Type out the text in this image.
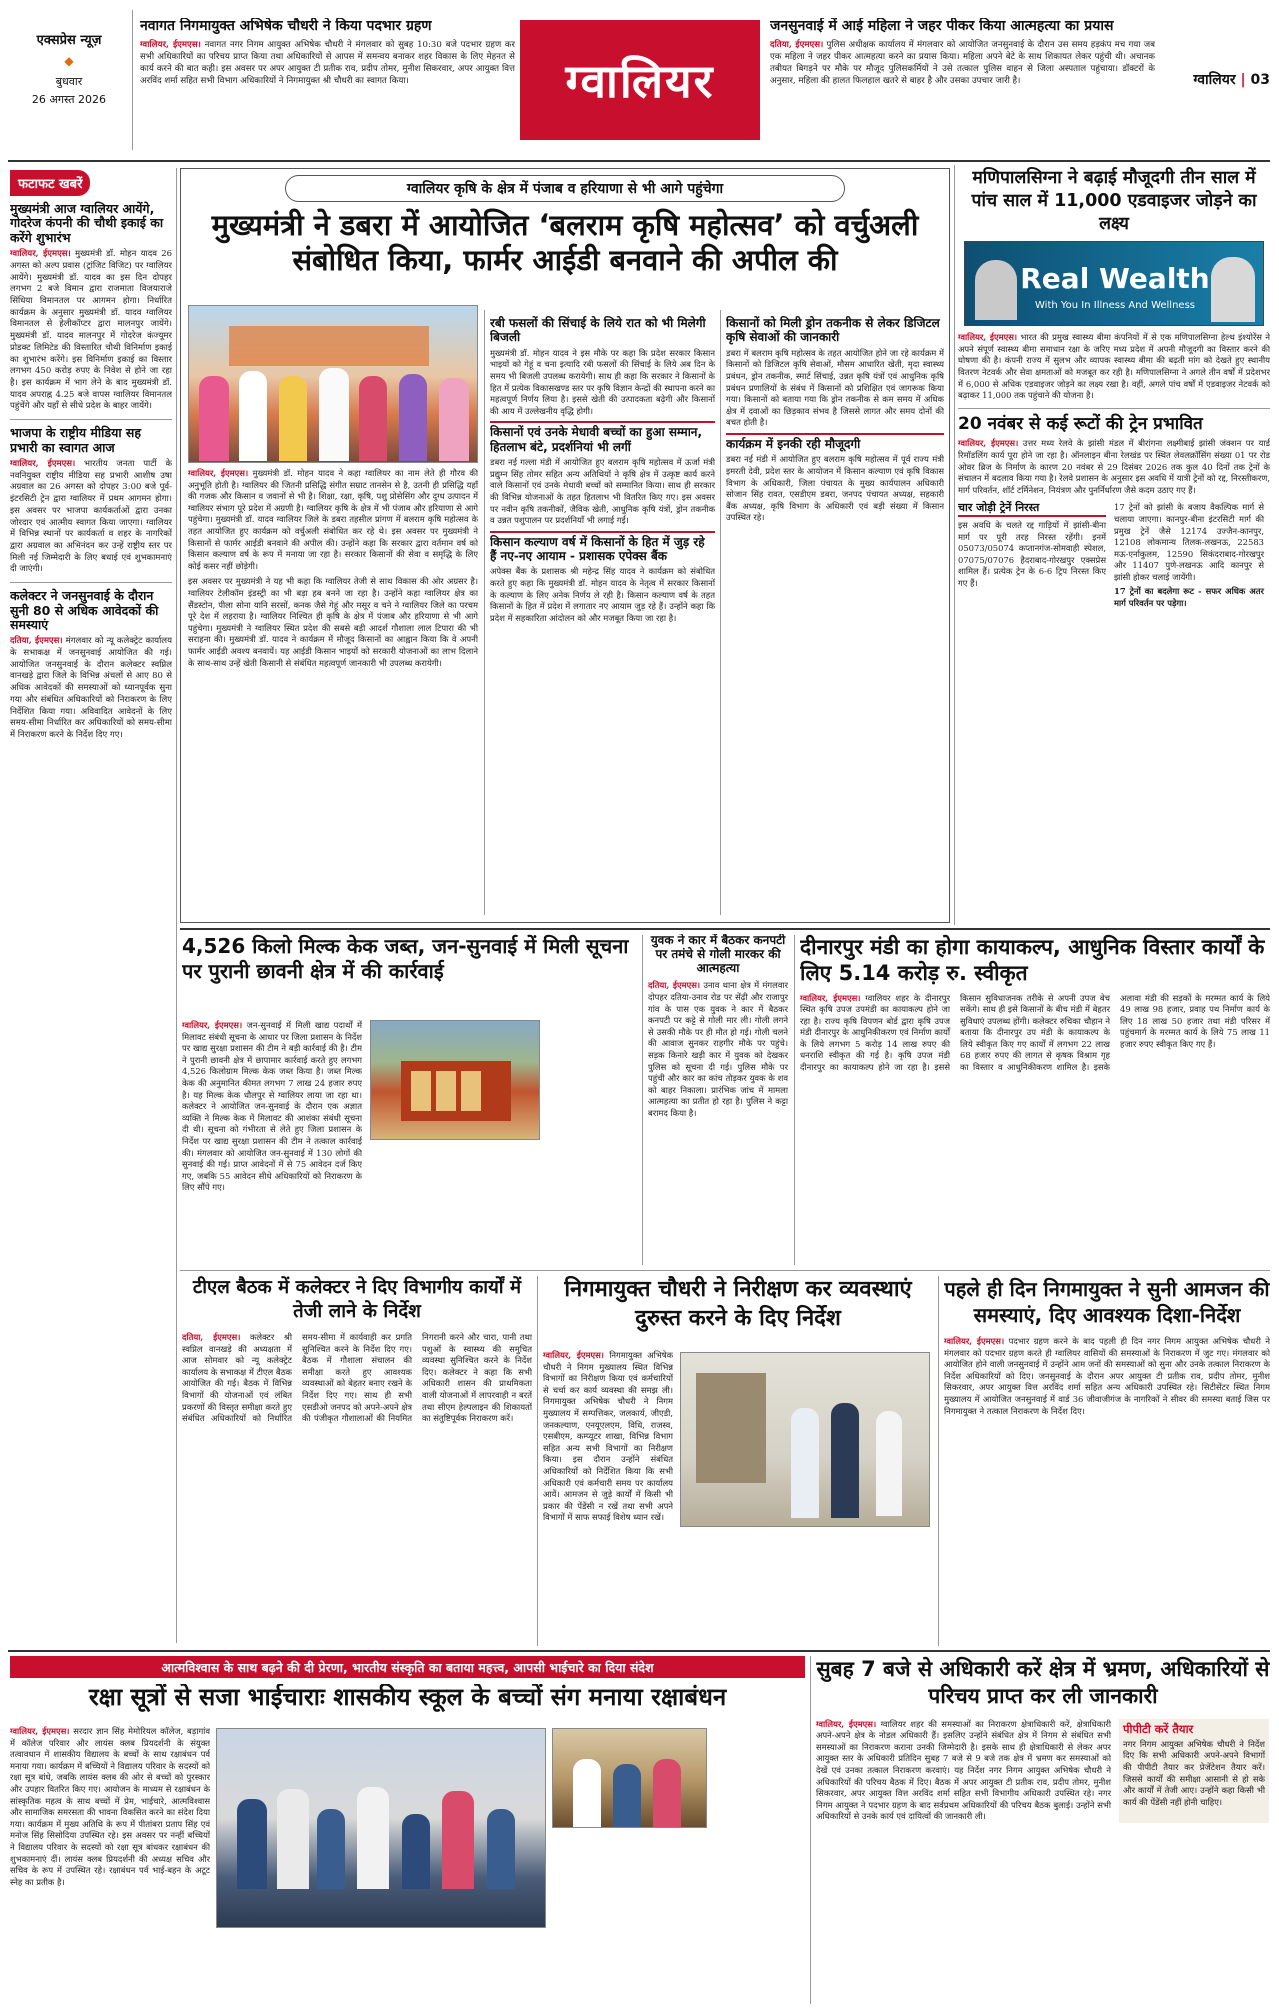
एक्सप्रेस न्यूज़
◆
बुधवार
26 अगस्त 2026
नवागत निगमायुक्त अभिषेक चौधरी ने किया पदभार ग्रहण
ग्वालियर, ईएमएस। नवागत नगर निगम आयुक्त अभिषेक चौधरी ने मंगलवार को सुबह 10:30 बजे पदभार ग्रहण कर सभी अधिकारियों का परिचय प्राप्त किया तथा अधिकारियों से आपस में समन्वय बनाकर शहर विकास के लिए मेहनत से कार्य करने की बात कही। इस अवसर पर अपर आयुक्त टी प्रतीक राव, प्रदीप तोमर, मुनीश सिकरवार, अपर आयुक्त वित्त अरविंद शर्मा सहित सभी विभाग अधिकारियों ने निगमायुक्त श्री चौधरी का स्वागत किया।	ग्वालियर
जनसुनवाई में आई महिला ने जहर पीकर किया आत्महत्या का प्रयास
दतिया, ईएमएस। पुलिस अधीक्षक कार्यालय में मंगलवार को आयोजित जनसुनवाई के दौरान उस समय हड़कंप मच गया जब एक महिला ने जहर पीकर आत्महत्या करने का प्रयास किया। महिला अपने बेटे के साथ शिकायत लेकर पहुंची थी। अचानक तबीयत बिगड़ने पर मौके पर मौजूद पुलिसकर्मियों ने उसे तत्काल पुलिस वाहन से जिला अस्पताल पहुंचाया। डॉक्टरों के अनुसार, महिला की हालत फिलहाल खतरे से बाहर है और उसका उपचार जारी है।	ग्वालियर | 03
फटाफट खबरें
मुख्यमंत्री आज ग्वालियर आयेंगे, गोदरेज कंपनी की चौथी इकाई का करेंगे शुभारंभ
ग्वालियर, ईएमएस। मुख्यमंत्री डॉ. मोहन यादव 26 अगस्त को अल्प प्रवास (ट्रांजिट विजिट) पर ग्वालियर आयेंगे। मुख्यमंत्री डॉ. यादव का इस दिन दोपहर लगभग 2 बजे विमान द्वारा राजमाता विजयाराजे सिंधिया विमानतल पर आगमन होगा। निर्धारित कार्यक्रम के अनुसार मुख्यमंत्री डॉ. यादव ग्वालियर विमानतल से हेलीकॉप्टर द्वारा मालनपुर जायेंगे। मुख्यमंत्री डॉ. यादव मालनपुर में गोदरेज कंज्यूमर प्रोडक्ट लिमिटेड की विस्तारित चौथी विनिर्माण इकाई का शुभारंभ करेंगे। इस विनिर्माण इकाई का विस्तार लगभग 450 करोड़ रुपए के निवेश से होने जा रहा है। इस कार्यक्रम में भाग लेने के बाद मुख्यमंत्री डॉ. यादव अपराह्न 4.25 बजे वापस ग्वालियर विमानतल पहुंचेंगे और यहाँ से सीधे प्रदेश के बाहर जायेंगे।
भाजपा के राष्ट्रीय मीडिया सह प्रभारी का स्वागत आज
ग्वालियर, ईएमएस। भारतीय जनता पार्टी के नवनियुक्त राष्ट्रीय मीडिया सह प्रभारी आशीष उषा अग्रवाल का 26 अगस्त को दोपहर 3:00 बजे पूर्व-इंटरसिटी ट्रेन द्वारा ग्वालियर में प्रथम आगमन होगा। इस अवसर पर भाजपा कार्यकर्ताओं द्वारा उनका जोरदार एवं आत्मीय स्वागत किया जाएगा। ग्वालियर में विभिन्न स्थानों पर कार्यकर्ता व शहर के नागरिकों द्वारा अग्रवाल का अभिनंदन कर उन्हें राष्ट्रीय स्तर पर मिली नई जिम्मेदारी के लिए बधाई एवं शुभकामनाएं दी जाएंगी।
कलेक्टर ने जनसुनवाई के दौरान सुनी 80 से अधिक आवेदकों की समस्याएं
दतिया, ईएमएस। मंगलवार को न्यू कलेक्ट्रेट कार्यालय के सभाकक्ष में जनसुनवाई आयोजित की गई। आयोजित जनसुनवाई के दौरान कलेक्टर स्वप्निल वानखड़े द्वारा जिले के विभिन्न अंचलों से आए 80 से अधिक आवेदकों की समस्याओं को ध्यानपूर्वक सुना गया और संबंधित अधिकारियों को निराकरण के लिए निर्देशित किया गया। अविवादित आवेदनों के लिए समय-सीमा निर्धारित कर अधिकारियों को समय-सीमा में निराकरण करने के निर्देश दिए गए।
ग्वालियर कृषि के क्षेत्र में पंजाब व हरियाणा से भी आगे पहुंचेगा
मुख्यमंत्री ने डबरा में आयोजित ‘बलराम कृषि महोत्सव’ को वर्चुअली संबोधित किया, फार्मर आईडी बनवाने की अपील की
ग्वालियर, ईएमएस। मुख्यमंत्री डॉ. मोहन यादव ने कहा ग्वालियर का नाम लेते ही गौरव की अनुभूति होती है। ग्वालियर की जितनी प्रसिद्धि संगीत सम्राट तानसेन से है, उतनी ही प्रसिद्धि यहाँ की गजक और किसान व जवानों से भी है। शिक्षा, रक्षा, कृषि, पशु प्रोसेसिंग और दुग्ध उत्पादन में ग्वालियर संभाग पूरे प्रदेश में अग्रणी है। ग्वालियर कृषि के क्षेत्र में भी पंजाब और हरियाणा से आगे पहुंचेगा। मुख्यमंत्री डॉ. यादव ग्वालियर जिले के डबरा तहसील प्रांगण में बलराम कृषि महोत्सव के तहत आयोजित हुए कार्यक्रम को वर्चुअली संबोधित कर रहे थे। इस अवसर पर मुख्यमंत्री ने किसानों से फार्मर आईडी बनवाने की अपील की। उन्होंने कहा कि सरकार द्वारा वर्तमान वर्ष को किसान कल्याण वर्ष के रूप में मनाया जा रहा है। सरकार किसानों की सेवा व समृद्धि के लिए कोई कसर नहीं छोड़ेगी।
इस अवसर पर मुख्यमंत्री ने यह भी कहा कि ग्वालियर तेजी से साथ विकास की ओर अग्रसर है। ग्वालियर टेलीकॉम इंडस्ट्री का भी बड़ा हब बनने जा रहा है। उन्होंने कहा ग्वालियर क्षेत्र का सैंडस्टोन, पीला सोना यानि सरसों, कनक जैसे गेहूं और मसूर व चने ने ग्वालियर जिले का परचम पूरे देश में लहराया है। ग्वालियर निश्चित ही कृषि के क्षेत्र में पंजाब और हरियाणा से भी आगे पहुंचेगा। मुख्यमंत्री ने ग्वालियर स्थित प्रदेश की सबसे बड़ी आदर्श गौशाला लाल टिपारा की भी सराहना की। मुख्यमंत्री डॉ. यादव ने कार्यक्रम में मौजूद किसानों का आह्वान किया कि वे अपनी फार्मर आईडी अवश्य बनवायें। यह आईडी किसान भाइयों को सरकारी योजनाओं का लाभ दिलाने के साथ-साथ उन्हें खेती किसानी से संबंधित महत्वपूर्ण जानकारी भी उपलब्ध करायेगी।
रबी फसलों की सिंचाई के लिये रात को भी मिलेगी बिजली
मुख्यमंत्री डॉ. मोहन यादव ने इस मौके पर कहा कि प्रदेश सरकार किसान भाइयों को गेहूं व चना इत्यादि रबी फसलों की सिंचाई के लिये अब दिन के समय भी बिजली उपलब्ध करायेगी। साथ ही कहा कि सरकार ने किसानों के हित में प्रत्येक विकासखण्ड स्तर पर कृषि विज्ञान केन्द्रों की स्थापना करने का महत्वपूर्ण निर्णय लिया है। इससे खेती की उत्पादकता बढ़ेगी और किसानों की आय में उल्लेखनीय वृद्धि होगी।
किसानों एवं उनके मेधावी बच्चों का हुआ सम्मान, हितलाभ बंटे, प्रदर्शनियां भी लगीं
डबरा नई गल्ला मंडी में आयोजित हुए बलराम कृषि महोत्सव में ऊर्जा मंत्री प्रद्युम्न सिंह तोमर सहित अन्य अतिथियों ने कृषि क्षेत्र में उत्कृष्ट कार्य करने वाले किसानों एवं उनके मेधावी बच्चों को सम्मानित किया। साथ ही सरकार की विभिन्न योजनाओं के तहत हितलाभ भी वितरित किए गए। इस अवसर पर नवीन कृषि तकनीकों, जैविक खेती, आधुनिक कृषि यंत्रों, ड्रोन तकनीक व उन्नत पशुपालन पर प्रदर्शनियाँ भी लगाई गईं।
किसान कल्याण वर्ष में किसानों के हित में जुड़ रहे हैं नए-नए आयाम - प्रशासक एपेक्स बैंक
अपेक्स बैंक के प्रशासक श्री महेन्द्र सिंह यादव ने कार्यक्रम को संबोधित करते हुए कहा कि मुख्यमंत्री डॉ. मोहन यादव के नेतृत्व में सरकार किसानों के कल्याण के लिए अनेक निर्णय ले रही है। किसान कल्याण वर्ष के तहत किसानों के हित में प्रदेश में लगातार नए आयाम जुड़ रहे हैं। उन्होंने कहा कि प्रदेश में सहकारिता आंदोलन को और मजबूत किया जा रहा है।
किसानों को मिली ड्रोन तकनीक से लेकर डिजिटल कृषि सेवाओं की जानकारी
डबरा में बलराम कृषि महोत्सव के तहत आयोजित होने जा रहे कार्यक्रम में किसानों को डिजिटल कृषि सेवाओं, मौसम आधारित खेती, मृदा स्वास्थ्य प्रबंधन, ड्रोन तकनीक, स्मार्ट सिंचाई, उन्नत कृषि यंत्रों एवं आधुनिक कृषि प्रबंधन प्रणालियों के संबंध में किसानों को प्रशिक्षित एवं जागरूक किया गया। किसानों को बताया गया कि ड्रोन तकनीक से कम समय में अधिक क्षेत्र में दवाओं का छिड़काव संभव है जिससे लागत और समय दोनों की बचत होती है।
कार्यक्रम में इनकी रही मौजूदगी
डबरा नई मंडी में आयोजित हुए बलराम कृषि महोत्सव में पूर्व राज्य मंत्री इमरती देवी, प्रदेश स्तर के आयोजन में किसान कल्याण एवं कृषि विकास विभाग के अधिकारी, जिला पंचायत के मुख्य कार्यपालन अधिकारी सोजान सिंह रावत, एसडीएम डबरा, जनपद पंचायत अध्यक्ष, सहकारी बैंक अध्यक्ष, कृषि विभाग के अधिकारी एवं बड़ी संख्या में किसान उपस्थित रहे।
मणिपालसिग्ना ने बढ़ाई मौजूदगी तीन साल में पांच साल में 11,000 एडवाइजर जोड़ने का लक्ष्य
Real Wealth
With You In Illness And Wellness
ग्वालियर, ईएमएस। भारत की प्रमुख स्वास्थ्य बीमा कंपनियों में से एक मणिपालसिग्ना हेल्थ इंश्योरेंस ने अपने संपूर्ण स्वास्थ्य बीमा समाधान रक्षा के जरिए मध्य प्रदेश में अपनी मौजूदगी का विस्तार करने की घोषणा की है। कंपनी राज्य में सुलभ और व्यापक स्वास्थ्य बीमा की बढ़ती मांग को देखते हुए स्थानीय वितरण नेटवर्क और सेवा क्षमताओं को मजबूत कर रही है। मणिपालसिग्ना ने अगले तीन वर्षों में प्रदेशभर में 6,000 से अधिक एडवाइजर जोड़ने का लक्ष्य रखा है। वहीं, अगले पांच वर्षों में एडवाइजर नेटवर्क को बढ़ाकर 11,000 तक पहुंचाने की योजना है।
20 नवंबर से कई रूटों की ट्रेन प्रभावित
ग्वालियर, ईएमएस। उत्तर मध्य रेलवे के झांसी मंडल में बीरांगना लक्ष्मीबाई झांसी जंक्शन पर यार्ड रिमॉडलिंग कार्य पूरा होने जा रहा है। ऑनलाइन बीना रेलखंड पर स्थित लेवलक्रॉसिंग संख्या 01 पर रोड ओवर ब्रिज के निर्माण के कारण 20 नवंबर से 29 दिसंबर 2026 तक कुल 40 दिनों तक ट्रेनों के संचालन में बदलाव किया गया है। रेलवे प्रशासन के अनुसार इस अवधि में यात्री ट्रेनों को रद्द, निरस्तीकरण, मार्ग परिवर्तन, शॉर्ट टर्मिनेशन, नियंत्रण और पुनर्निर्धारण जैसे कदम उठाए गए हैं।
चार जोड़ी ट्रेनें निरस्त
इस अवधि के चलते रद्द गाड़ियों में झांसी-बीना मार्ग पर पूरी तरह निरस्त रहेंगी। इनमें 05073/05074 कप्तानगंज-सोमवाही स्पेशल, 07075/07076 हैदराबाद-गोरखपुर एक्सप्रेस शामिल हैं। प्रत्येक ट्रेन के 6-6 ट्रिप निरस्त किए गए हैं।
17 ट्रेनों को झांसी के बजाय वैकल्पिक मार्ग से चलाया जाएगा। कानपुर-बीना इंटरसिटी मार्ग की प्रमुख ट्रेनें जैसे 12174 उज्जैन-कानपुर, 12108 लोकमान्य तिलक-लखनऊ, 22583 मऊ-एर्नाकुलम, 12590 सिकंदराबाद-गोरखपुर और 11407 पुणे-लखनऊ आदि कानपुर से झांसी होकर चलाई जायेंगी।
17 ट्रेनों का बदलेगा रूट - सफर अधिक अतर मार्ग परिवर्तन पर पड़ेगा।
4,526 किलो मिल्क केक जब्त, जन-सुनवाई में मिली सूचना पर पुरानी छावनी क्षेत्र में की कार्रवाई
ग्वालियर, ईएमएस। जन-सुनवाई में मिली खाद्य पदार्थों में मिलावट संबंधी सूचना के आधार पर जिला प्रशासन के निर्देश पर खाद्य सुरक्षा प्रशासन की टीम ने बड़ी कार्रवाई की है। टीम ने पुरानी छावनी क्षेत्र में छापामार कार्रवाई करते हुए लगभग 4,526 किलोग्राम मिल्क केक जब्त किया है। जब्त मिल्क केक की अनुमानित कीमत लगभग 7 लाख 24 हजार रुपए है। यह मिल्क केक धौलपुर से ग्वालियर लाया जा रहा था। कलेक्टर ने आयोजित जन-सुनवाई के दौरान एक अज्ञात व्यक्ति ने मिल्क केक में मिलावट की आशंका संबंधी सूचना दी थी। सूचना को गंभीरता से लेते हुए जिला प्रशासन के निर्देश पर खाद्य सुरक्षा प्रशासन की टीम ने तत्काल कार्रवाई की। मंगलवार को आयोजित जन-सुनवाई में 130 लोगों की सुनवाई की गई। प्राप्त आवेदनों में से 75 आवेदन दर्ज किए गए, जबकि 55 आवेदन सीधे अधिकारियों को निराकरण के लिए सौंपे गए।

युवक ने कार में बैठकर कनपटी पर तमंचे से गोली मारकर की आत्महत्या
दतिया, ईएमएस। उनाव थाना क्षेत्र में मंगलवार दोपहर दतिया-उनाव रोड पर सेंढ़ी और राजापुर गांव के पास एक युवक ने कार में बैठकर कनपटी पर कट्टे से गोली मार ली। गोली लगने से उसकी मौके पर ही मौत हो गई। गोली चलने की आवाज सुनकर राहगीर मौके पर पहुंचे। सड़क किनारे खड़ी कार में युवक को देखकर पुलिस को सूचना दी गई। पुलिस मौके पर पहुंची और कार का कांच तोड़कर युवक के शव को बाहर निकाला। प्रारंभिक जांच में मामला आत्महत्या का प्रतीत हो रहा है। पुलिस ने कट्टा बरामद किया है।
दीनारपुर मंडी का होगा कायाकल्प, आधुनिक विस्तार कार्यों के लिए 5.14 करोड़ रु. स्वीकृत
ग्वालियर, ईएमएस। ग्वालियर शहर के दीनारपुर स्थित कृषि उपज उपमंडी का कायाकल्प होने जा रहा है। राज्य कृषि विपणन बोर्ड द्वारा कृषि उपज मंडी दीनारपुर के आधुनिकीकरण एवं निर्माण कार्यों के लिये लगभग 5 करोड़ 14 लाख रुपए की धनराशि स्वीकृत की गई है। कृषि उपज मंडी दीनारपुर का कायाकल्प होने जा रहा है। इससे किसान सुविधाजनक तरीके से अपनी उपज बेच सकेंगे। साथ ही इसे किसानों के बीच मंडी में बेहतर सुविधाएं उपलब्ध होंगी। कलेक्टर रुचिका चौहान ने बताया कि दीनारपुर उप मंडी के कायाकल्प के लिये स्वीकृत किए गए कार्यों में लगभग 22 लाख 68 हजार रुपए की लागत से कृषक विश्राम गृह का विस्तार व आधुनिकीकरण शामिल है। इसके अलावा मंडी की सड़कों के मरम्मत कार्य के लिये 49 लाख 98 हजार, प्रवाह पथ निर्माण कार्य के लिए 18 लाख 50 हजार तथा मंडी परिसर में पहुंचमार्ग के मरम्मत कार्य के लिये 75 लाख 11 हजार रुपए स्वीकृत किए गए हैं।
टीएल बैठक में कलेक्टर ने दिए विभागीय कार्यों में तेजी लाने के निर्देश
दतिया, ईएमएस। कलेक्टर श्री स्वप्निल वानखड़े की अध्यक्षता में आज सोमवार को न्यू कलेक्ट्रेट कार्यालय के सभाकक्ष में टीएल बैठक आयोजित की गई। बैठक में विभिन्न विभागों की योजनाओं एवं लंबित प्रकरणों की विस्तृत समीक्षा करते हुए संबंधित अधिकारियों को निर्धारित समय-सीमा में कार्यवाही कर प्रगति सुनिश्चित करने के निर्देश दिए गए। बैठक में गौशाला संचालन की समीक्षा करते हुए आवश्यक व्यवस्थाओं को बेहतर बनाए रखने के निर्देश दिए गए। साथ ही सभी एसडीओ जनपद को अपने-अपने क्षेत्र की पंजीकृत गौशालाओं की नियमित निगरानी करने और चारा, पानी तथा पशुओं के स्वास्थ्य की समुचित व्यवस्था सुनिश्चित करने के निर्देश दिए। कलेक्टर ने कहा कि सभी अधिकारी शासन की प्राथमिकता वाली योजनाओं में लापरवाही न बरतें तथा सीएम हेल्पलाइन की शिकायतों का संतुष्टिपूर्वक निराकरण करें।
निगमायुक्त चौधरी ने निरीक्षण कर व्यवस्थाएं दुरुस्त करने के दिए निर्देश
ग्वालियर, ईएमएस। निगमायुक्त अभिषेक चौधरी ने निगम मुख्यालय स्थित विभिन्न विभागों का निरीक्षण किया एवं कर्मचारियों से चर्चा कर कार्य व्यवस्था की समझ ली। निगमायुक्त अभिषेक चौधरी ने निगम मुख्यालय में सम्पत्तिकर, जलकार्य, जीएडी, जनकल्याण, एनयूएलएम, विधि, राजस्व, एसबीएम, कम्प्यूटर शाखा, विभिन्न विभाग सहित अन्य सभी विभागों का निरीक्षण किया। इस दौरान उन्होंने संबंधित अधिकारियों को निर्देशित किया कि सभी अधिकारी एवं कर्मचारी समय पर कार्यालय आयें। आमजन से जुड़े कार्यों में किसी भी प्रकार की पेंडेंसी न रखें तथा सभी अपने विभागों में साफ सफाई विशेष ध्यान रखें।
पहले ही दिन निगमायुक्त ने सुनी आमजन की समस्याएं, दिए आवश्यक दिशा-निर्देश
ग्वालियर, ईएमएस। पदभार ग्रहण करने के बाद पहली ही दिन नगर निगम आयुक्त अभिषेक चौधरी ने मंगलवार को पदभार ग्रहण करते ही ग्वालियर वासियों की समस्याओं के निराकरण में जुट गए। मंगलवार को आयोजित होने वाली जनसुनवाई में उन्होंने आम जनों की समस्याओं को सुना और उनके तत्काल निराकरण के निर्देश अधिकारियों को दिए। जनसुनवाई के दौरान अपर आयुक्त टी प्रतीक राव, प्रदीप तोमर, मुनीश सिकरवार, अपर आयुक्त वित्त अरविंद शर्मा सहित अन्य अधिकारी उपस्थित रहे। सिटीसेंटर स्थित निगम मुख्यालय में आयोजित जनसुनवाई में वार्ड 36 जीवाजीगंज के नागरिकों ने सीवर की समस्या बताई जिस पर निगमायुक्त ने तत्काल निराकरण के निर्देश दिए।
आत्मविश्वास के साथ बढ़ने की दी प्रेरणा, भारतीय संस्कृति का बताया महत्त्व, आपसी भाईचारे का दिया संदेश
रक्षा सूत्रों से सजा भाईचाराः शासकीय स्कूल के बच्चों संग मनाया रक्षाबंधन
ग्वालियर, ईएमएस। सरदार ज्ञान सिंह मेमोरियल कॉलेज, बड़ागांव में कॉलेज परिवार और लायंस क्लब प्रियदर्शनी के संयुक्त तत्वावधान में शासकीय विद्यालय के बच्चों के साथ रक्षाबंधन पर्व मनाया गया। कार्यक्रम में बच्चियों ने विद्यालय परिवार के सदस्यों को रक्षा सूत्र बांधे, जबकि लायंस क्लब की ओर से बच्चों को पुरस्कार और उपहार वितरित किए गए। आयोजन के माध्यम से रक्षाबंधन के सांस्कृतिक महत्व के साथ बच्चों में प्रेम, भाईचारे, आत्मविश्वास और सामाजिक समरसता की भावना विकसित करने का संदेश दिया गया। कार्यक्रम में मुख्य अतिथि के रूप में पीतांबरा प्रताप सिंह एवं मनोज सिंह सिसोदिया उपस्थित रहे। इस अवसर पर नन्हीं बच्चियों ने विद्यालय परिवार के सदस्यों को रक्षा सूत्र बांधकर रक्षाबंधन की शुभकामनाएं दीं। लायंस क्लब प्रियदर्शनी की अध्यक्ष सचिव और सचिव के रूप में उपस्थित रहे। रक्षाबंधन पर्व भाई-बहन के अटूट स्नेह का प्रतीक है।
सुबह 7 बजे से अधिकारी करें क्षेत्र में भ्रमण, अधिकारियों से परिचय प्राप्त कर ली जानकारी
ग्वालियर, ईएमएस। ग्वालियर शहर की समस्याओं का निराकरण क्षेत्राधिकारी करें, क्षेत्राधिकारी अपने-अपने क्षेत्र के नोडल अधिकारी हैं। इसलिए उन्होंने संबंधित क्षेत्र में निगम से संबंधित सभी समस्याओं का निराकरण कराना उनकी जिम्मेदारी है। इसके साथ ही क्षेत्राधिकारी से लेकर अपर आयुक्त स्तर के अधिकारी प्रतिदिन सुबह 7 बजे से 9 बजे तक क्षेत्र में भ्रमण कर समस्याओं को देखें एवं उनका तत्काल निराकरण करवाएं। यह निर्देश नगर निगम आयुक्त अभिषेक चौधरी ने अधिकारियों की परिचय बैठक में दिए। बैठक में अपर आयुक्त टी प्रतीक राव, प्रदीप तोमर, मुनीश सिकरवार, अपर आयुक्त वित्त अरविंद शर्मा सहित सभी विभागीय अधिकारी उपस्थित रहे। नगर निगम आयुक्त ने पदभार ग्रहण के बाद सर्वप्रथम अधिकारियों की परिचय बैठक बुलाई। उन्होंने सभी अधिकारियों से उनके कार्य एवं दायित्वों की जानकारी ली।
पीपीटी करें तैयार
नगर निगम आयुक्त अभिषेक चौधरी ने निर्देश दिए कि सभी अधिकारी अपने-अपने विभागों की पीपीटी तैयार कर प्रेजेंटेशन तैयार करें। जिससे कार्यों की समीक्षा आसानी से हो सके और कार्यों में तेजी आए। उन्होंने कहा किसी भी कार्य की पेंडेंसी नहीं होनी चाहिए।
